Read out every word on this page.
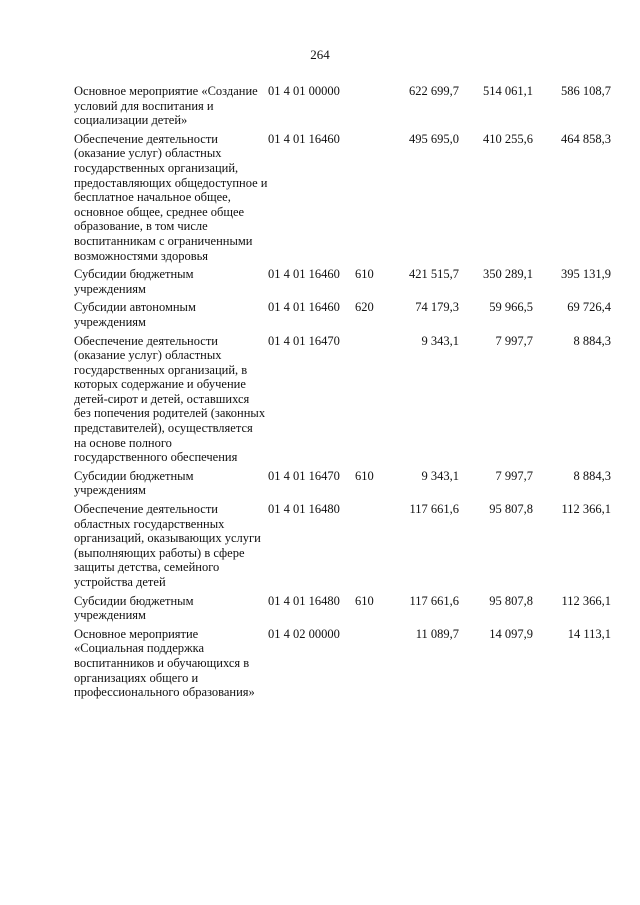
264
Основное мероприятие «Создание условий для воспитания и социализации детей»	01 4 01 00000		622 699,7	514 061,1	586 108,7
Обеспечение деятельности (оказание услуг) областных государственных организаций, предоставляющих общедоступное и бесплатное начальное общее, основное общее, среднее общее образование, в том числе воспитанникам с ограниченными возможностями здоровья	01 4 01 16460		495 695,0	410 255,6	464 858,3
Субсидии бюджетным учреждениям	01 4 01 16460	610	421 515,7	350 289,1	395 131,9
Субсидии автономным учреждениям	01 4 01 16460	620	74 179,3	59 966,5	69 726,4
Обеспечение деятельности (оказание услуг) областных государственных организаций, в которых содержание и обучение детей-сирот и детей, оставшихся без попечения родителей (законных представителей), осуществляется на основе полного государственного обеспечения	01 4 01 16470		9 343,1	7 997,7	8 884,3
Субсидии бюджетным учреждениям	01 4 01 16470	610	9 343,1	7 997,7	8 884,3
Обеспечение деятельности областных государственных организаций, оказывающих услуги (выполняющих работы) в сфере защиты детства, семейного устройства детей	01 4 01 16480		117 661,6	95 807,8	112 366,1
Субсидии бюджетным учреждениям	01 4 01 16480	610	117 661,6	95 807,8	112 366,1
Основное мероприятие «Социальная поддержка воспитанников и обучающихся в организациях общего и профессионального образования»	01 4 02 00000		11 089,7	14 097,9	14 113,1
